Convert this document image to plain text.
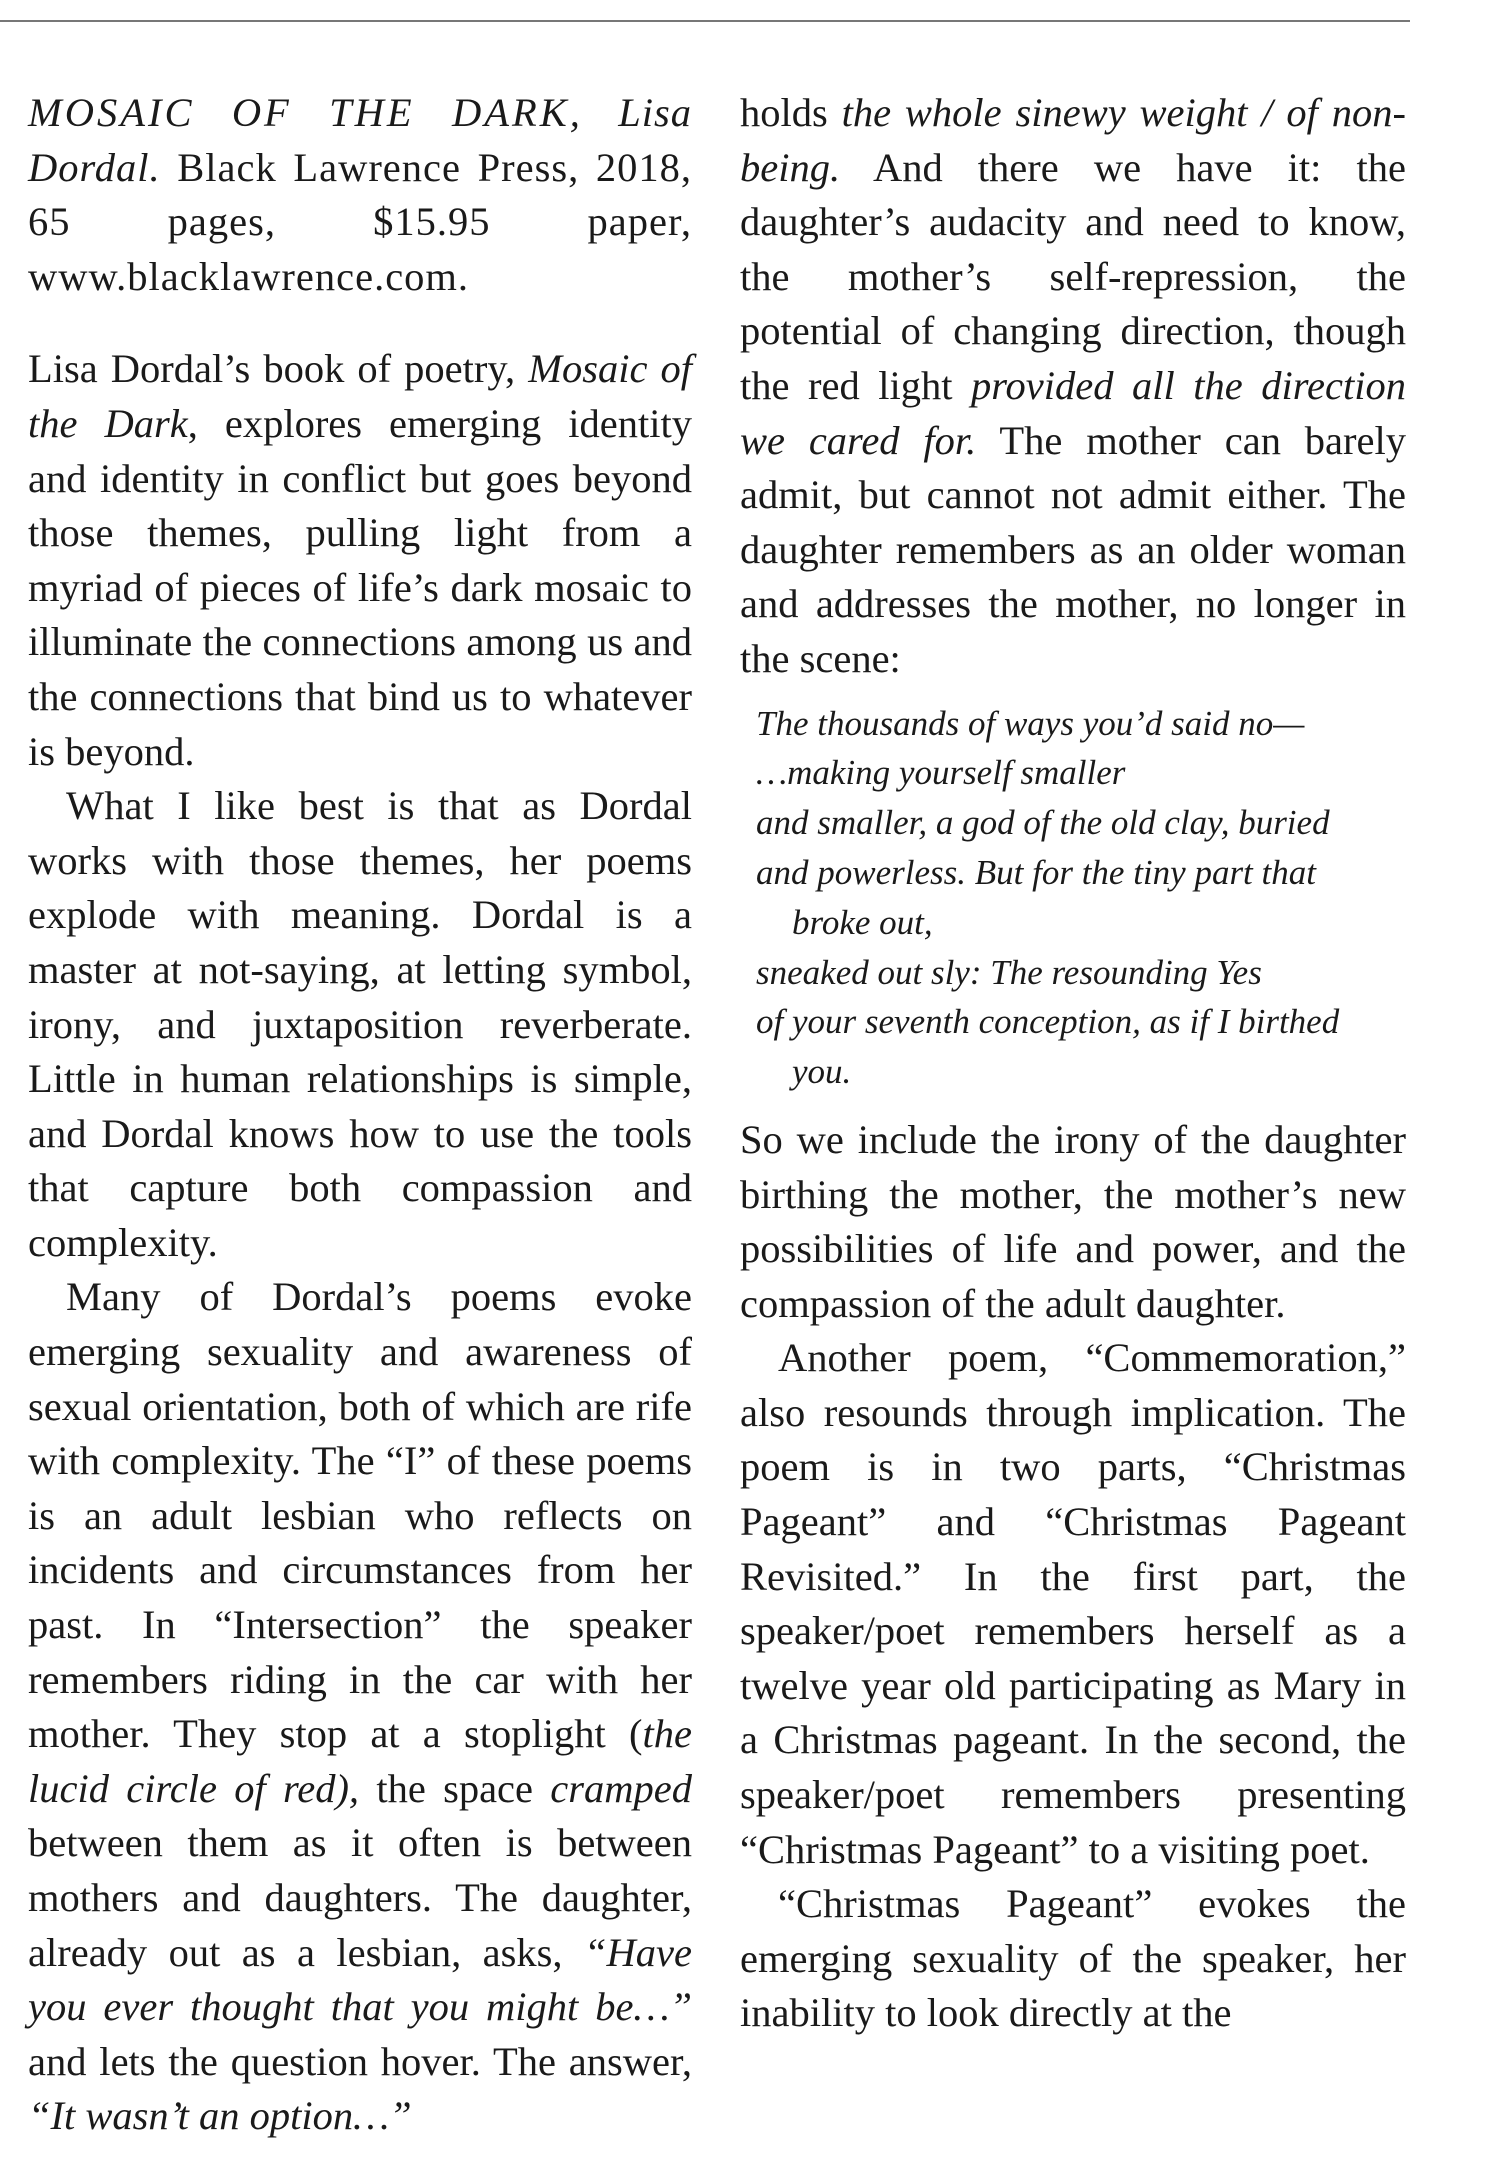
MOSAIC OF THE DARK, Lisa Dordal. Black Lawrence Press, 2018, 65 pages, $15.95 paper, www.blacklawrence.com.

Lisa Dordal’s book of poetry, Mosaic of the Dark, explores emerging identity and identity in conflict but goes beyond those themes, pulling light from a myriad of pieces of life’s dark mosaic to illuminate the connections among us and the connections that bind us to whatever is beyond.

What I like best is that as Dordal works with those themes, her poems explode with meaning. Dordal is a master at not-saying, at letting symbol, irony, and juxtaposition reverberate. Little in human relationships is simple, and Dordal knows how to use the tools that capture both compassion and complexity.

Many of Dordal’s poems evoke emerging sexuality and awareness of sexual orientation, both of which are rife with complexity. The “I” of these poems is an adult lesbian who reflects on incidents and circumstances from her past. In “Intersection” the speaker remembers riding in the car with her mother. They stop at a stoplight (the lucid circle of red), the space cramped between them as it often is between mothers and daughters. The daughter, already out as a lesbian, asks, “Have you ever thought that you might be…” and lets the question hover. The answer, “It wasn’t an option…”

holds the whole sinewy weight / of non-being. And there we have it: the daughter’s audacity and need to know, the mother’s self-repression, the potential of changing direction, though the red light provided all the direction we cared for. The mother can barely admit, but cannot not admit either. The daughter remembers as an older woman and addresses the mother, no longer in the scene:

The thousands of ways you’d said no—
…making yourself smaller
and smaller, a god of the old clay, buried
and powerless. But for the tiny part that
broke out,
sneaked out sly: The resounding Yes
of your seventh conception, as if I birthed
you.

So we include the irony of the daughter birthing the mother, the mother’s new possibilities of life and power, and the compassion of the adult daughter.

Another poem, “Commemoration,” also resounds through implication. The poem is in two parts, “Christmas Pageant” and “Christmas Pageant Revisited.” In the first part, the speaker/poet remembers herself as a twelve year old participating as Mary in a Christmas pageant. In the second, the speaker/poet remembers presenting “Christmas Pageant” to a visiting poet.

“Christmas Pageant” evokes the emerging sexuality of the speaker, her inability to look directly at the
